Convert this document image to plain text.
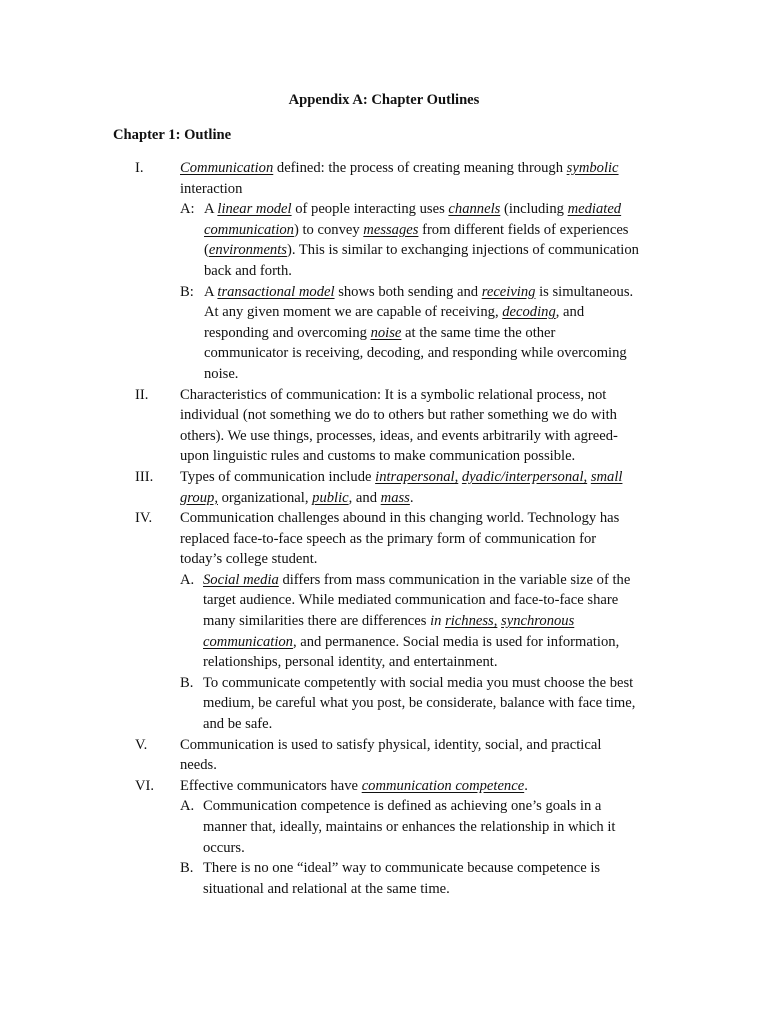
Appendix A: Chapter Outlines
Chapter 1: Outline
I. Communication defined: the process of creating meaning through symbolic interaction
A: A linear model of people interacting uses channels (including mediated communication) to convey messages from different fields of experiences (environments). This is similar to exchanging injections of communication back and forth.
B: A transactional model shows both sending and receiving is simultaneous. At any given moment we are capable of receiving, decoding, and responding and overcoming noise at the same time the other communicator is receiving, decoding, and responding while overcoming noise.
II. Characteristics of communication: It is a symbolic relational process, not individual (not something we do to others but rather something we do with others). We use things, processes, ideas, and events arbitrarily with agreed-upon linguistic rules and customs to make communication possible.
III. Types of communication include intrapersonal, dyadic/interpersonal, small group, organizational, public, and mass.
IV. Communication challenges abound in this changing world. Technology has replaced face-to-face speech as the primary form of communication for today’s college student.
A. Social media differs from mass communication in the variable size of the target audience. While mediated communication and face-to-face share many similarities there are differences in richness, synchronous communication, and permanence. Social media is used for information, relationships, personal identity, and entertainment.
B. To communicate competently with social media you must choose the best medium, be careful what you post, be considerate, balance with face time, and be safe.
V. Communication is used to satisfy physical, identity, social, and practical needs.
VI. Effective communicators have communication competence.
A. Communication competence is defined as achieving one’s goals in a manner that, ideally, maintains or enhances the relationship in which it occurs.
B. There is no one “ideal” way to communicate because competence is situational and relational at the same time.
